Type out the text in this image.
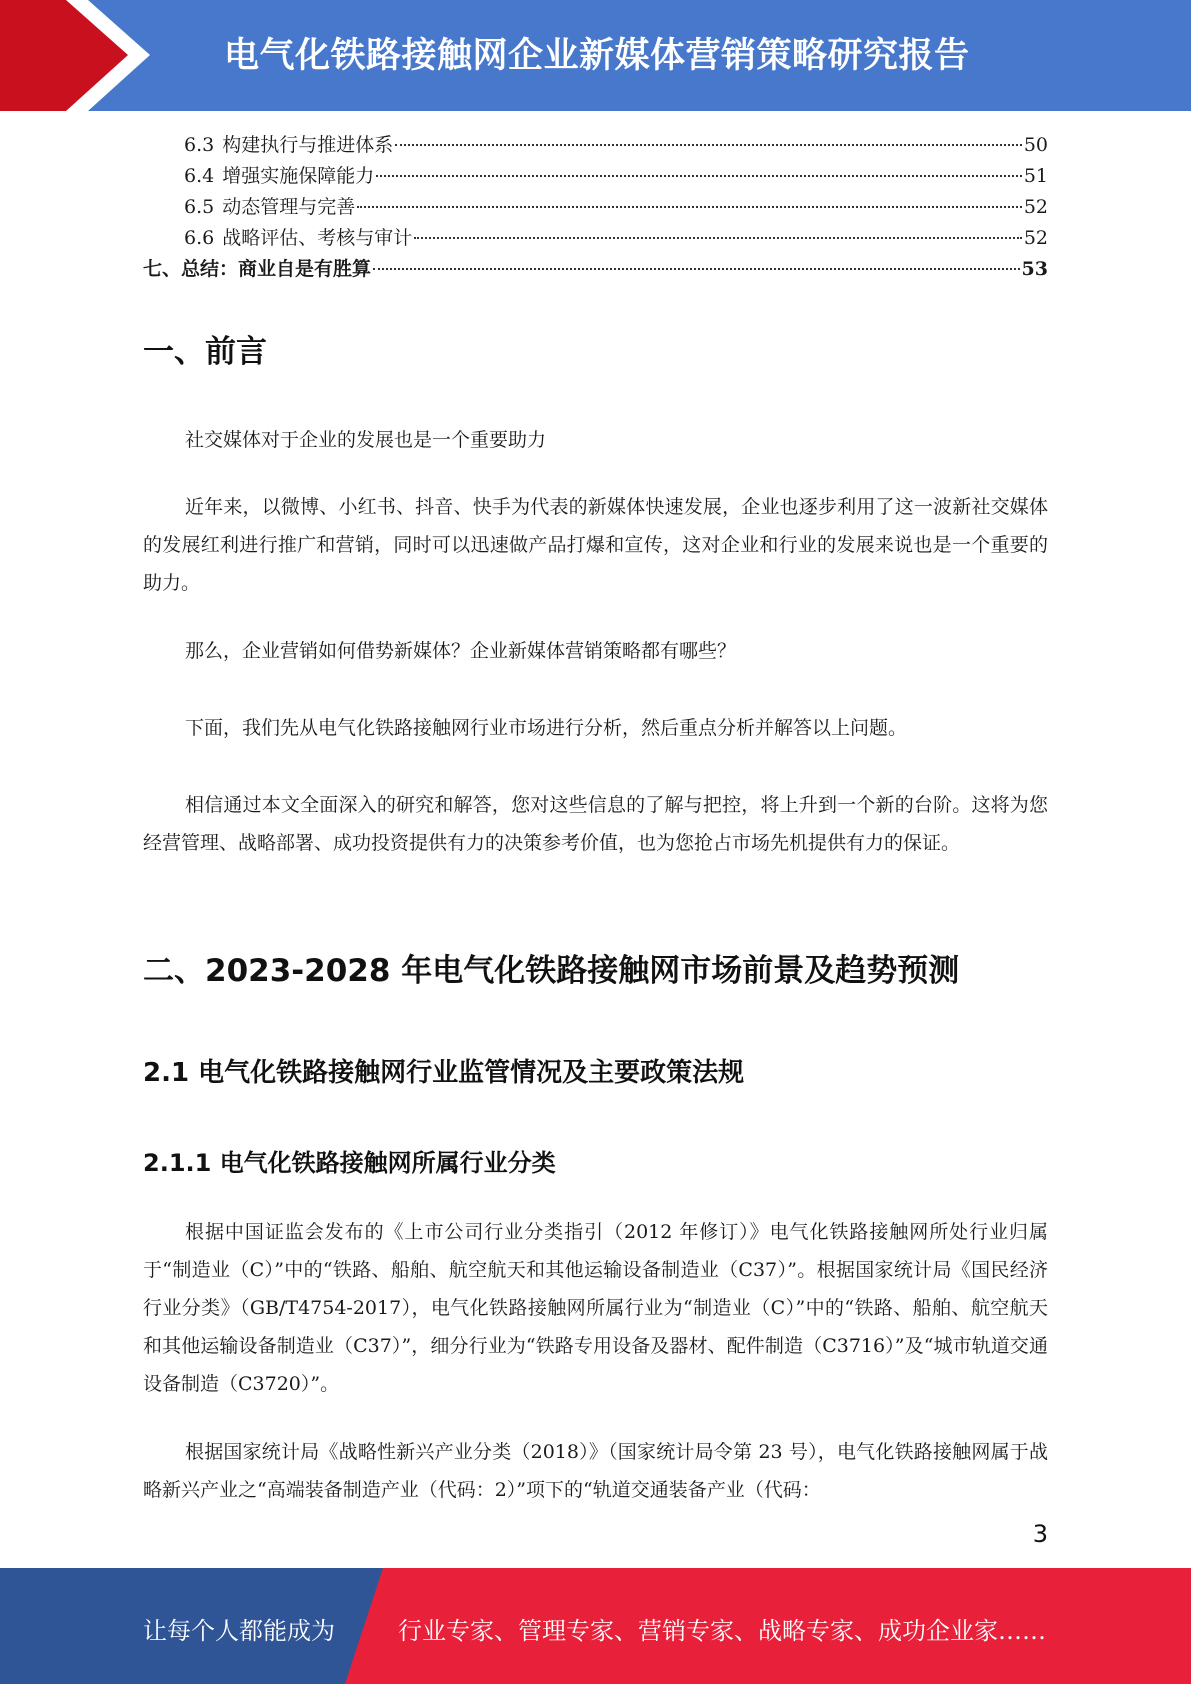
电气化铁路接触网企业新媒体营销策略研究报告
6.3 构建执行与推进体系	50
6.4 增强实施保障能力	51
6.5 动态管理与完善	52
6.6 战略评估、考核与审计	52
七、总结：商业自是有胜算	53
一、前言

社交媒体对于企业的发展也是一个重要助力

近年来，以微博、小红书、抖音、快手为代表的新媒体快速发展，企业也逐步利用了这一波新社交媒体的发展红利进行推广和营销，同时可以迅速做产品打爆和宣传，这对企业和行业的发展来说也是一个重要的助力。

那么，企业营销如何借势新媒体？企业新媒体营销策略都有哪些？

下面，我们先从电气化铁路接触网行业市场进行分析，然后重点分析并解答以上问题。

相信通过本文全面深入的研究和解答，您对这些信息的了解与把控，将上升到一个新的台阶。这将为您经营管理、战略部署、成功投资提供有力的决策参考价值，也为您抢占市场先机提供有力的保证。

二、2023-2028 年电气化铁路接触网市场前景及趋势预测
2.1 电气化铁路接触网行业监管情况及主要政策法规
2.1.1 电气化铁路接触网所属行业分类

根据中国证监会发布的《上市公司行业分类指引（2012 年修订）》电气化铁路接触网所处行业归属于“制造业（C）”中的“铁路、船舶、航空航天和其他运输设备制造业（C37）”。根据国家统计局《国民经济行业分类》（GB/T4754-2017），电气化铁路接触网所属行业为“制造业（C）”中的“铁路、船舶、航空航天和其他运输设备制造业（C37）”，细分行业为“铁路专用设备及器材、配件制造（C3716）”及“城市轨道交通设备制造（C3720）”。

根据国家统计局《战略性新兴产业分类（2018）》（国家统计局令第 23 号），电气化铁路接触网属于战略新兴产业之“高端装备制造产业（代码：2）”项下的“轨道交通装备产业（代码：

3
让每个人都能成为	行业专家、管理专家、营销专家、战略专家、成功企业家……
